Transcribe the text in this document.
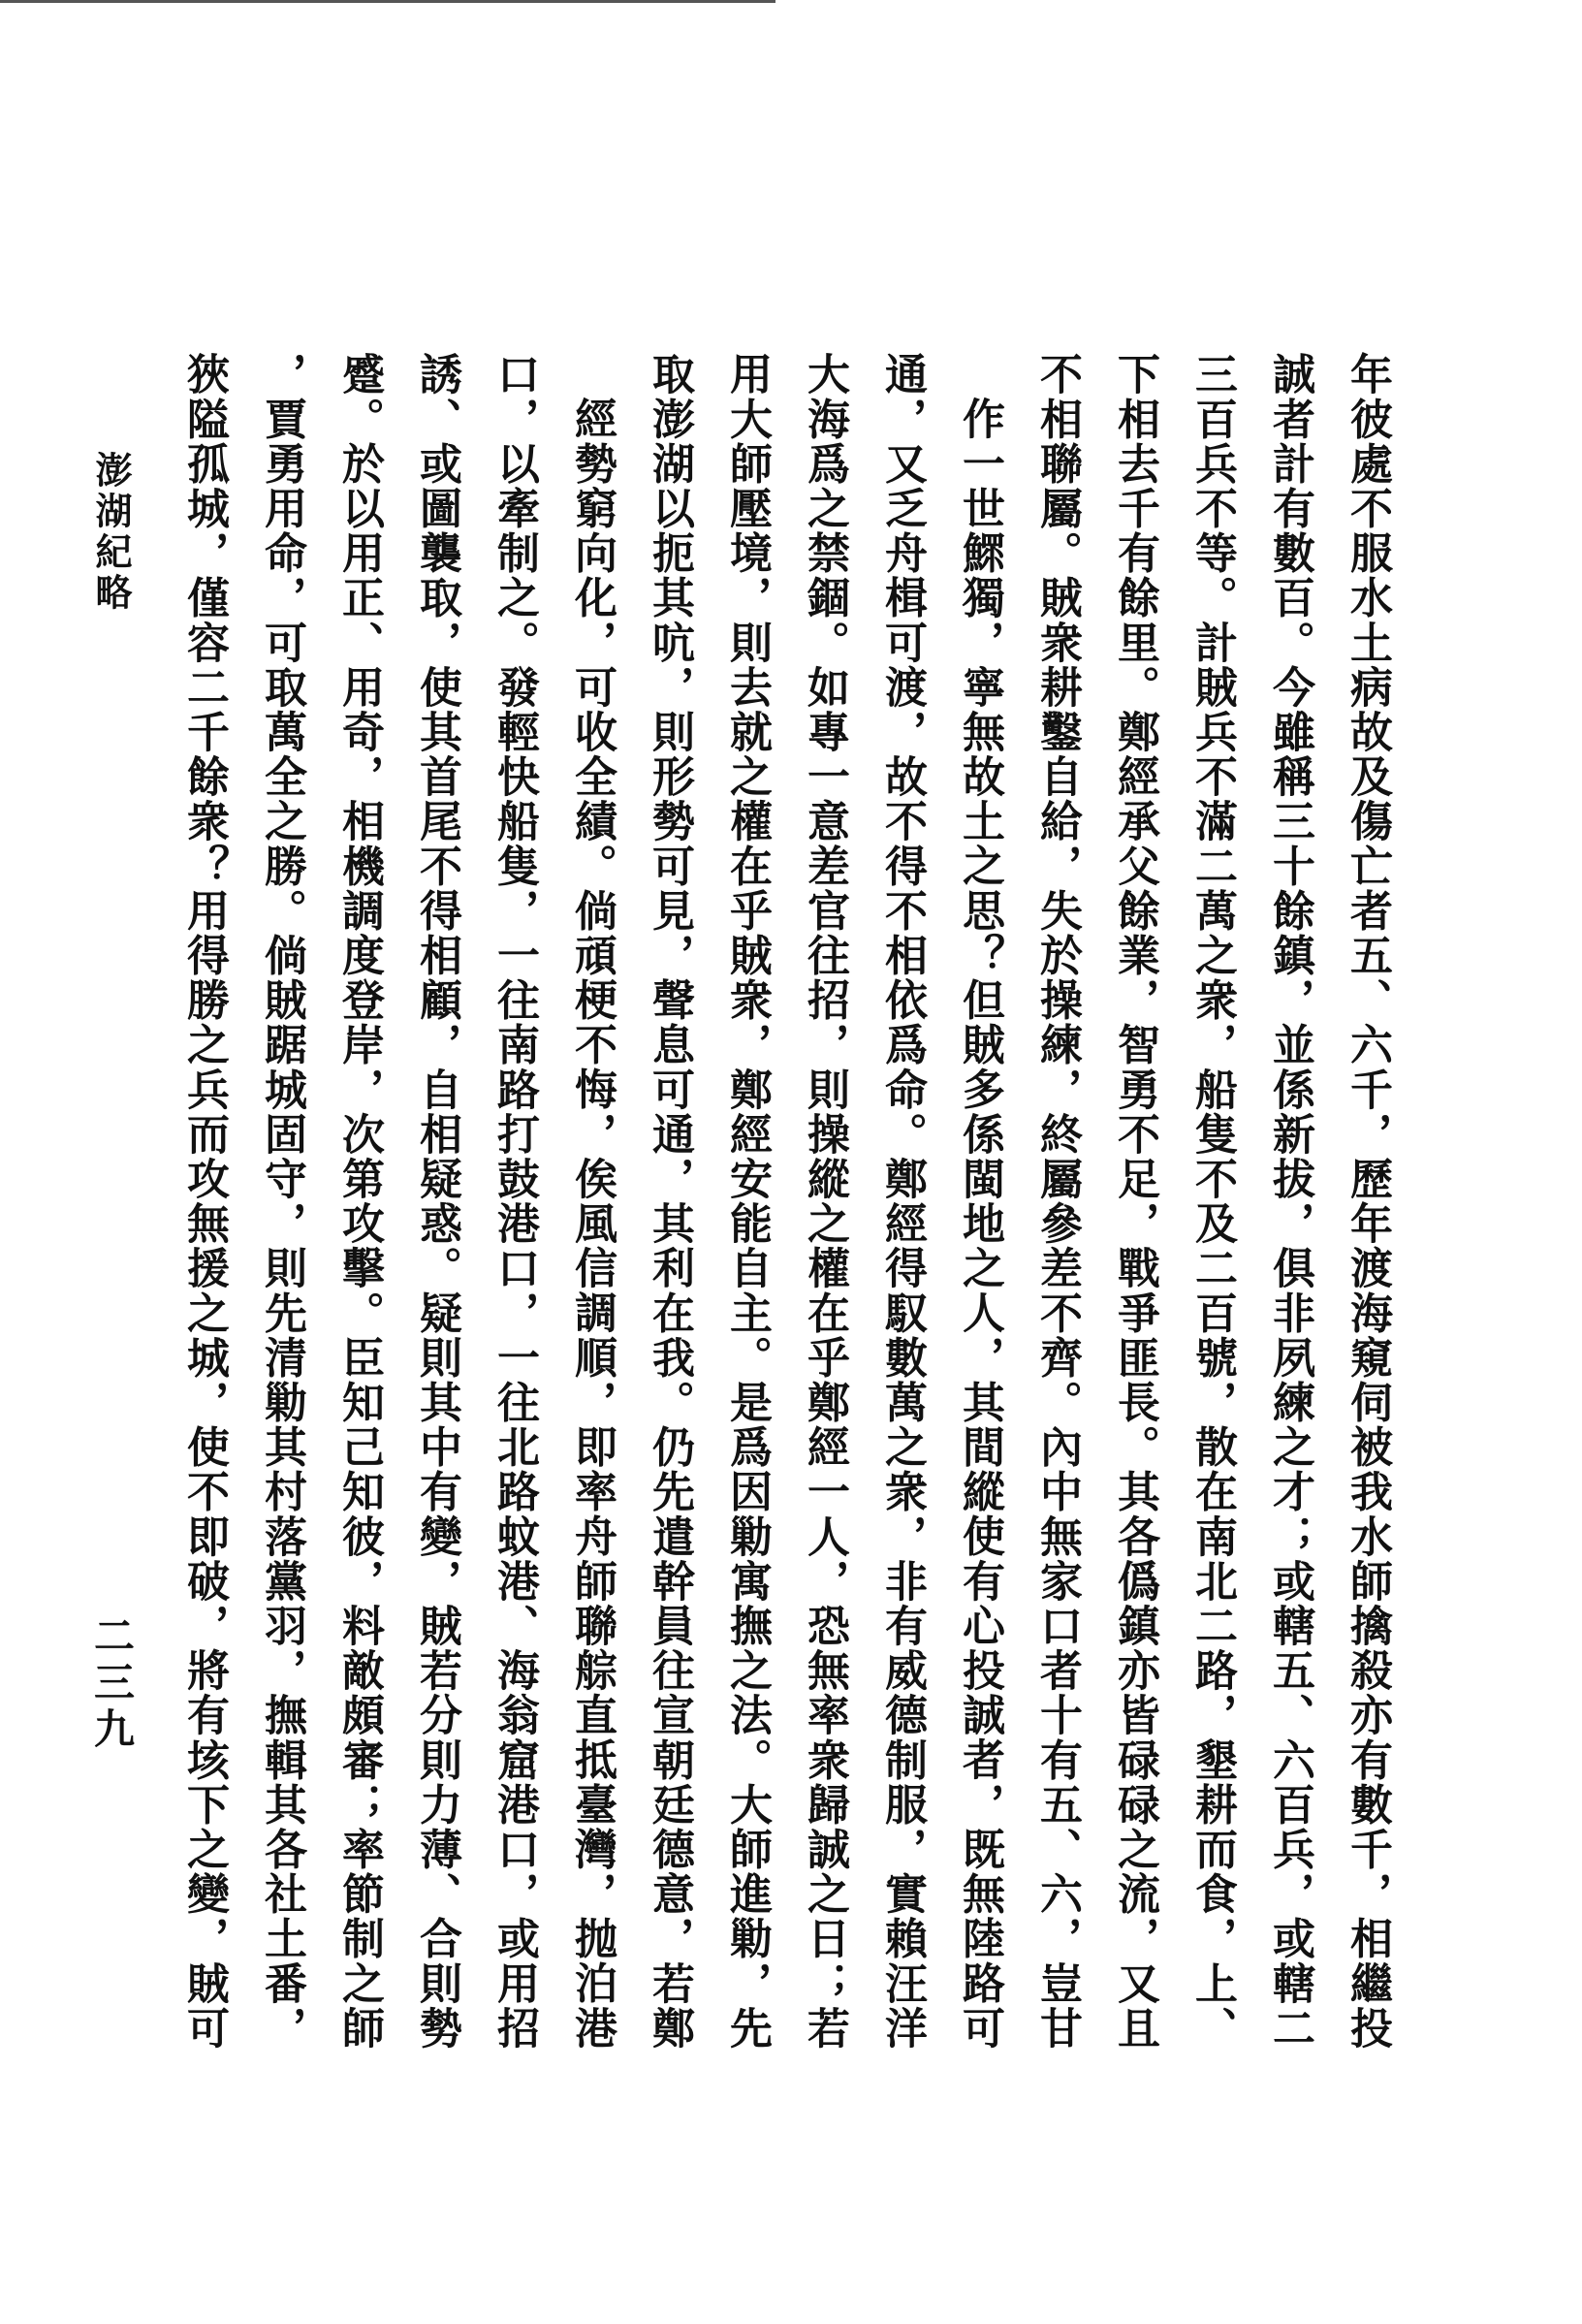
年彼處不服水土病故及傷亡者五、六千，歷年渡海窺伺被我水師擒殺亦有數千，相繼投
誠者計有數百。今雖稱三十餘鎮，並係新拔，俱非夙練之才；或轄五、六百兵，或轄二
、三百兵不等。計賊兵不滿二萬之衆，船隻不及二百號，散在南北二路，墾耕而食，上
下相去千有餘里。鄭經承父餘業，智勇不足，戰爭匪長。其各僞鎮亦皆碌碌之流，又且
不相聯屬。賊衆耕鑿自給，失於操練，終屬參差不齊。內中無家口者十有五、六，豈甘
作一世鰥獨，寧無故土之思？但賊多係閩地之人，其間縱使有心投誠者，既無陸路可
通，又乏舟楫可渡，故不得不相依爲命。鄭經得馭數萬之衆，非有威德制服，實賴汪洋
大海爲之禁錮。如專一意差官往招，則操縱之權在乎鄭經一人，恐無率衆歸誠之日；若
用大師壓境，則去就之權在乎賊衆，鄭經安能自主。是爲因勦寓撫之法。大師進勦，先
取澎湖以扼其吭，則形勢可見，聲息可通，其利在我。仍先遣幹員往宣朝廷德意，若鄭
經勢窮向化，可收全績。倘頑梗不悔，俟風信調順，即率舟師聯䑸直抵臺灣，抛泊港
口，以牽制之。發輕快船隻，一往南路打鼓港口，一往北路蚊港、海翁窟港口，或用招
誘、或圖襲取，使其首尾不得相顧，自相疑惑。疑則其中有變，賊若分則力薄、合則勢
蹙。於以用正、用奇，相機調度登岸，次第攻擊。臣知己知彼，料敵頗審；率節制之師
，賈勇用命，可取萬全之勝。倘賊踞城固守，則先清勦其村落黨羽，撫輯其各社土番，
狹隘孤城，僅容二千餘衆？用得勝之兵而攻無援之城，使不即破，將有垓下之變，賊可
澎湖紀略
二三九
